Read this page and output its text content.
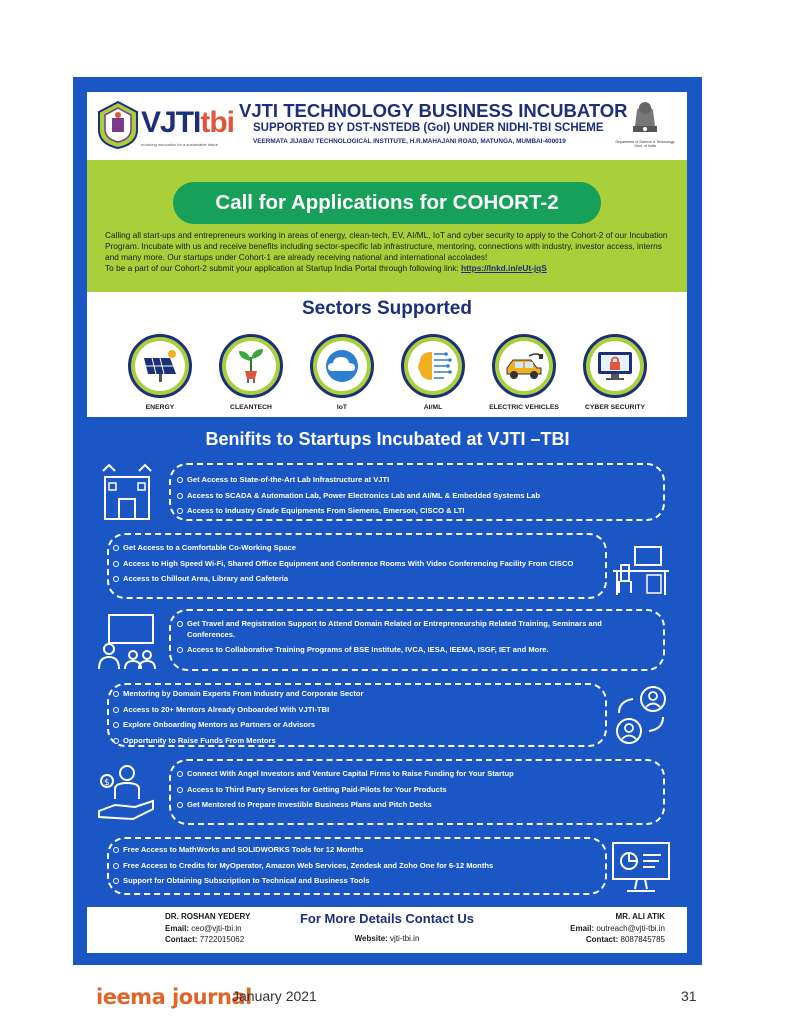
VJTItbi
nurturing innovation for a sustainable future
VJTI TECHNOLOGY BUSINESS INCUBATOR
SUPPORTED BY DST-NSTEDB (GoI) UNDER NIDHI-TBI SCHEME
VEERMATA JIJABAI TECHNOLOGICAL INSTITUTE, H.R.MAHAJANI ROAD, MATUNGA, MUMBAI-400019	Department of Science & Technology Govt. of India
Call for Applications for COHORT-2
Calling all start-ups and entrepreneurs working in areas of energy, clean-tech, EV, AI/ML, IoT and cyber security to apply to the Cohort-2 of our Incubation Program. Incubate with us and receive benefits including sector-specific lab infrastructure, mentoring, connections with industry, investor access, interns and many more. Our startups under Cohort-1 are already receiving national and international accolades!
To be a part of our Cohort-2 submit your application at Startup India Portal through following link: https://lnkd.in/eUt-jqS
Sectors Supported
ENERGY	CLEANTECH	IoT	AI/ML	ELECTRIC VEHICLES	CYBER SECURITY
Benifits to Startups Incubated at VJTI –TBI
Get Access to State-of-the-Art Lab Infrastructure at VJTI
Access to SCADA & Automation Lab, Power Electronics Lab and AI/ML & Embedded Systems Lab
Access to Industry Grade Equipments From Siemens, Emerson, CISCO & LTI
Get Access to a Comfortable Co-Working Space
Access to High Speed Wi-Fi, Shared Office Equipment and Conference Rooms With Video Conferencing Facility From CISCO
Access to Chillout Area, Library and Cafeteria
Get Travel and Registration Support to Attend Domain Related or Entrepreneurship Related Training, Seminars and Conferences.
Access to Collaborative Training Programs of BSE Institute, IVCA, IESA, IEEMA, ISGF, IET and More.
Mentoring by Domain Experts From Industry and Corporate Sector
Access to 20+ Mentors Already Onboarded With VJTI-TBI
Explore Onboarding Mentors as Partners or Advisors
Opportunity to Raise Funds From Mentors
$
Connect With Angel Investors and Venture Capital Firms to Raise Funding for Your Startup
Access to Third Party Services for Getting Paid-Pilots for Your Products
Get Mentored to Prepare Investible Business Plans and Pitch Decks
Free Access to MathWorks and SOLIDWORKS Tools for 12 Months
Free Access to Credits for MyOperator, Amazon Web Services, Zendesk and Zoho One for 6-12 Months
Support for Obtaining Subscription to Technical and Business Tools
DR. ROSHAN YEDERY
Email: ceo@vjti-tbi.in
Contact: 7722015062
For More Details Contact Us
Website: vjti-tbi.in
MR. ALI ATIK
Email: outreach@vjti-tbi.in
Contact: 8087845785
ieema journal
January 2021	31
